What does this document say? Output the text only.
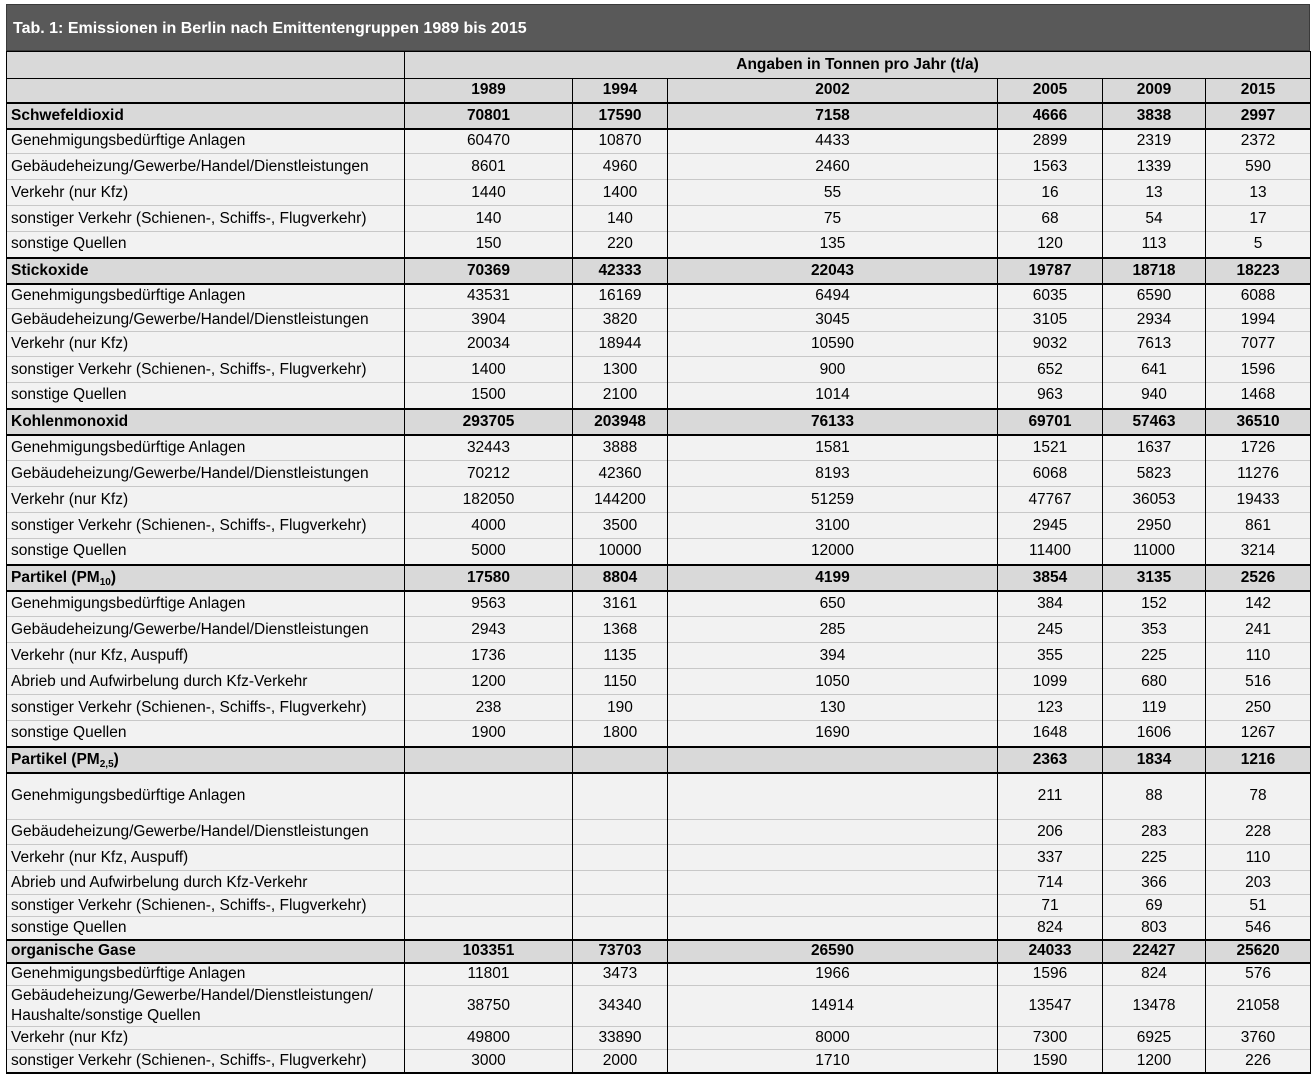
Tab. 1: Emissionen in Berlin nach Emittentengruppen 1989 bis 2015
	Angaben in Tonnen pro Jahr (t/a)					
	1989	1994	2002	2005	2009	2015
Schwefeldioxid	70801	17590	7158	4666	3838	2997
Genehmigungsbedürftige Anlagen	60470	10870	4433	2899	2319	2372
Gebäudeheizung/Gewerbe/Handel/Dienstleistungen	8601	4960	2460	1563	1339	590
Verkehr (nur Kfz)	1440	1400	55	16	13	13
sonstiger Verkehr (Schienen-, Schiffs-, Flugverkehr)	140	140	75	68	54	17
sonstige Quellen	150	220	135	120	113	5
Stickoxide	70369	42333	22043	19787	18718	18223
Genehmigungsbedürftige Anlagen	43531	16169	6494	6035	6590	6088
Gebäudeheizung/Gewerbe/Handel/Dienstleistungen	3904	3820	3045	3105	2934	1994
Verkehr (nur Kfz)	20034	18944	10590	9032	7613	7077
sonstiger Verkehr (Schienen-, Schiffs-, Flugverkehr)	1400	1300	900	652	641	1596
sonstige Quellen	1500	2100	1014	963	940	1468
Kohlenmonoxid	293705	203948	76133	69701	57463	36510
Genehmigungsbedürftige Anlagen	32443	3888	1581	1521	1637	1726
Gebäudeheizung/Gewerbe/Handel/Dienstleistungen	70212	42360	8193	6068	5823	11276
Verkehr (nur Kfz)	182050	144200	51259	47767	36053	19433
sonstiger Verkehr (Schienen-, Schiffs-, Flugverkehr)	4000	3500	3100	2945	2950	861
sonstige Quellen	5000	10000	12000	11400	11000	3214
Partikel $(PM_{10})$	17580	8804	4199	3854	3135	2526
Genehmigungsbedürftige Anlagen	9563	3161	650	384	152	142
Gebäudeheizung/Gewerbe/Handel/Dienstleistungen	2943	1368	285	245	353	241
Verkehr (nur Kfz, Auspuff)	1736	1135	394	355	225	110
Abrieb und Aufwirbelung durch Kfz-Verkehr	1200	1150	1050	1099	680	516
sonstiger Verkehr (Schienen-, Schiffs-, Flugverkehr)	238	190	130	123	119	250
sonstige Quellen	1900	1800	1690	1648	1606	1267
Partikel $(PM_{2,5})$				2363	1834	1216
Genehmigungsbedürftige Anlagen				211	88	78
Gebäudeheizung/Gewerbe/Handel/Dienstleistungen				206	283	228
Verkehr (nur Kfz, Auspuff)				337	225	110
Abrieb und Aufwirbelung durch Kfz-Verkehr				714	366	203
sonstiger Verkehr (Schienen-, Schiffs-, Flugverkehr)				71	69	51
sonstige Quellen				824	803	546
organische Gase	103351	73703	26590	24033	22427	25620
Genehmigungsbedürftige Anlagen	11801	3473	1966	1596	824	576
Gebäudeheizung/Gewerbe/Handel/Dienstleistungen/ Haushalte/sonstige Quellen	38750	34340	14914	13547	13478	21058
Verkehr (nur Kfz)	49800	33890	8000	7300	6925	3760
sonstiger Verkehr (Schienen-, Schiffs-, Flugverkehr)	3000	2000	1710	1590	1200	226
